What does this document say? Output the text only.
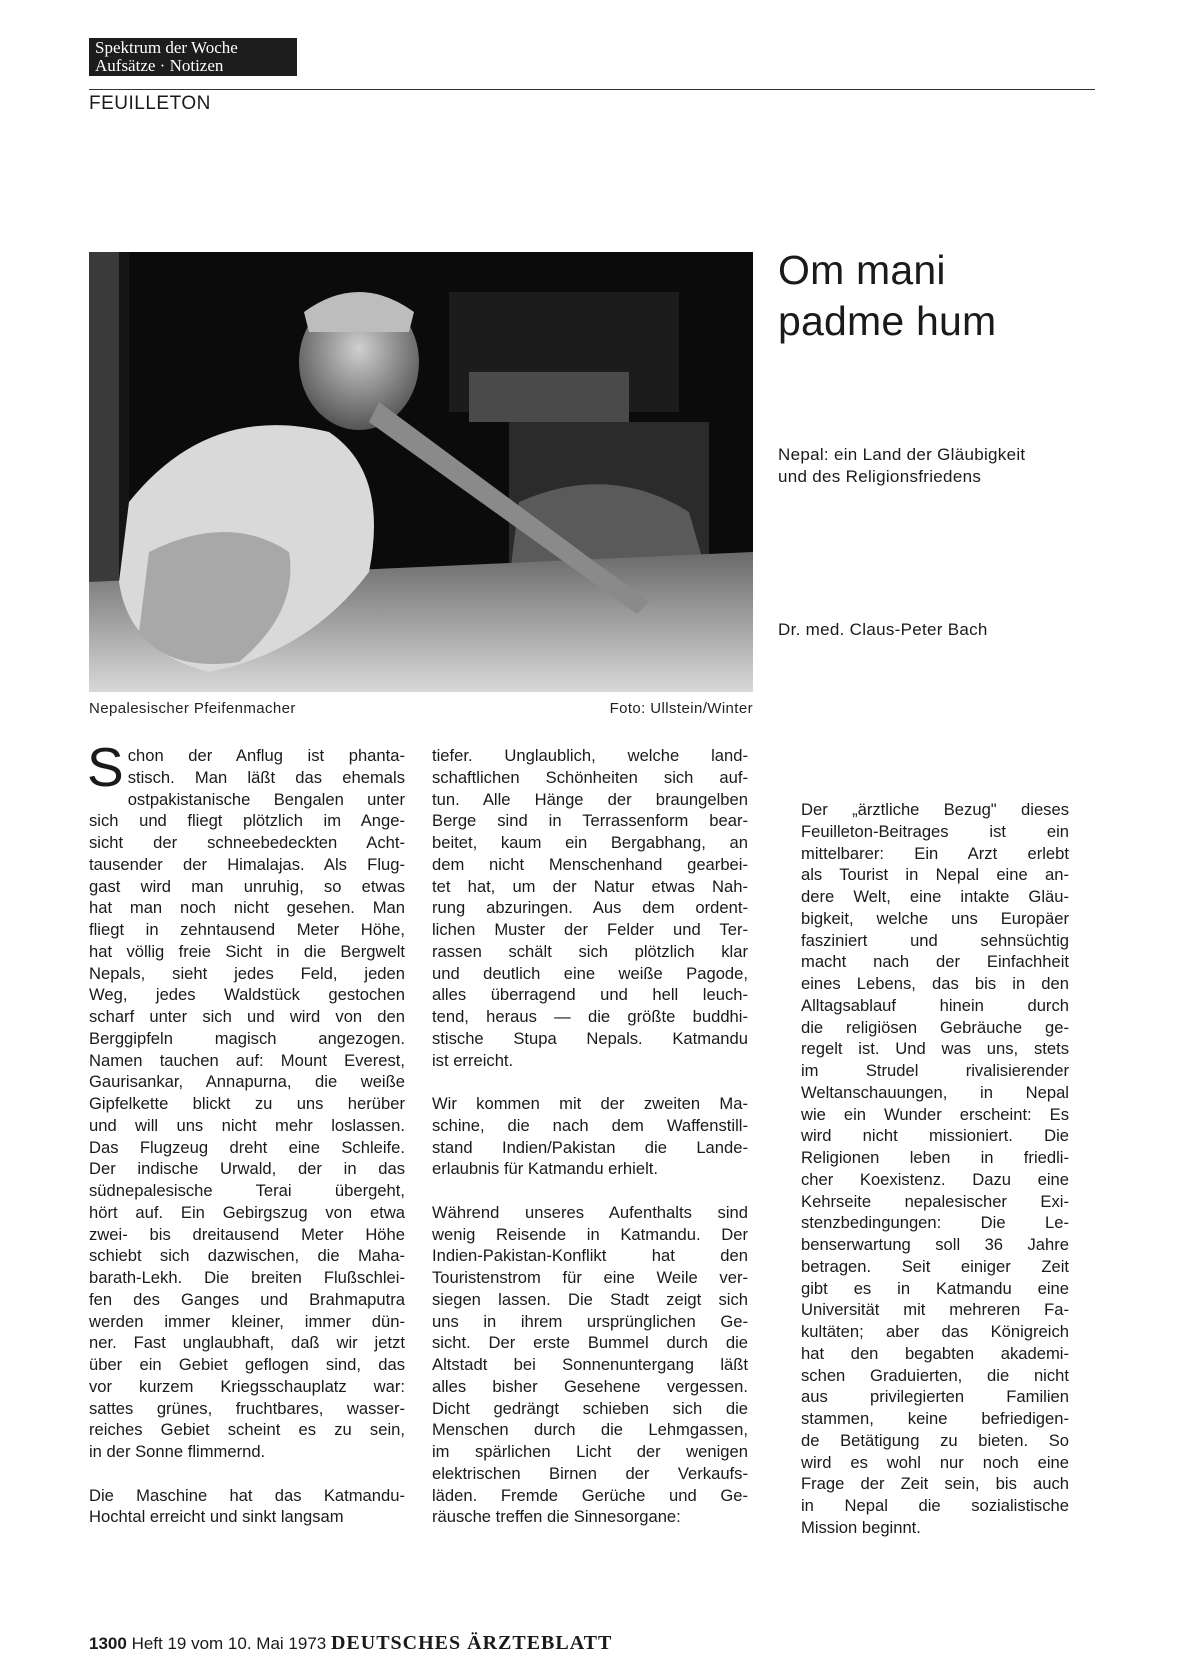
Spektrum der Woche
Aufsätze · Notizen
FEUILLETON
Nepalesischer Pfeifenmacher	Foto: Ullstein/Winter
Om mani
padme hum
Nepal: ein Land der Gläubigkeit
und des Religionsfriedens
Dr. med. Claus-Peter Bach
S chon der Anflug ist phanta-
stisch. Man läßt das ehemals
ostpakistanische Bengalen unter
sich und fliegt plötzlich im Ange-
sicht der schneebedeckten Acht-
tausender der Himalajas. Als Flug-
gast wird man unruhig, so etwas
hat man noch nicht gesehen. Man
fliegt in zehntausend Meter Höhe,
hat völlig freie Sicht in die Bergwelt
Nepals, sieht jedes Feld, jeden
Weg, jedes Waldstück gestochen
scharf unter sich und wird von den
Berggipfeln magisch angezogen.
Namen tauchen auf: Mount Everest,
Gaurisankar, Annapurna, die weiße
Gipfelkette blickt zu uns herüber
und will uns nicht mehr loslassen.
Das Flugzeug dreht eine Schleife.
Der indische Urwald, der in das
südnepalesische Terai übergeht,
hört auf. Ein Gebirgszug von etwa
zwei- bis dreitausend Meter Höhe
schiebt sich dazwischen, die Maha-
barath-Lekh. Die breiten Flußschlei-
fen des Ganges und Brahmaputra
werden immer kleiner, immer dün-
ner. Fast unglaubhaft, daß wir jetzt
über ein Gebiet geflogen sind, das
vor kurzem Kriegsschauplatz war:
sattes grünes, fruchtbares, wasser-
reiches Gebiet scheint es zu sein,
in der Sonne flimmernd.
Die Maschine hat das Katmandu-
Hochtal erreicht und sinkt langsam
tiefer. Unglaublich, welche land-
schaftlichen Schönheiten sich auf-
tun. Alle Hänge der braungelben
Berge sind in Terrassenform bear-
beitet, kaum ein Bergabhang, an
dem nicht Menschenhand gearbei-
tet hat, um der Natur etwas Nah-
rung abzuringen. Aus dem ordent-
lichen Muster der Felder und Ter-
rassen schält sich plötzlich klar
und deutlich eine weiße Pagode,
alles überragend und hell leuch-
tend, heraus — die größte buddhi-
stische Stupa Nepals. Katmandu
ist erreicht.
Wir kommen mit der zweiten Ma-
schine, die nach dem Waffenstill-
stand Indien/Pakistan die Lande-
erlaubnis für Katmandu erhielt.
Während unseres Aufenthalts sind
wenig Reisende in Katmandu. Der
Indien-Pakistan-Konflikt hat den
Touristenstrom für eine Weile ver-
siegen lassen. Die Stadt zeigt sich
uns in ihrem ursprünglichen Ge-
sicht. Der erste Bummel durch die
Altstadt bei Sonnenuntergang läßt
alles bisher Gesehene vergessen.
Dicht gedrängt schieben sich die
Menschen durch die Lehmgassen,
im spärlichen Licht der wenigen
elektrischen Birnen der Verkaufs-
läden. Fremde Gerüche und Ge-
räusche treffen die Sinnesorgane:
Der „ärztliche Bezug" dieses
Feuilleton-Beitrages ist ein
mittelbarer: Ein Arzt erlebt
als Tourist in Nepal eine an-
dere Welt, eine intakte Gläu-
bigkeit, welche uns Europäer
fasziniert und sehnsüchtig
macht nach der Einfachheit
eines Lebens, das bis in den
Alltagsablauf hinein durch
die religiösen Gebräuche ge-
regelt ist. Und was uns, stets
im Strudel rivalisierender
Weltanschauungen, in Nepal
wie ein Wunder erscheint: Es
wird nicht missioniert. Die
Religionen leben in friedli-
cher Koexistenz. Dazu eine
Kehrseite nepalesischer Exi-
stenzbedingungen: Die Le-
benserwartung soll 36 Jahre
betragen. Seit einiger Zeit
gibt es in Katmandu eine
Universität mit mehreren Fa-
kultäten; aber das Königreich
hat den begabten akademi-
schen Graduierten, die nicht
aus privilegierten Familien
stammen, keine befriedigen-
de Betätigung zu bieten. So
wird es wohl nur noch eine
Frage der Zeit sein, bis auch
in Nepal die sozialistische
Mission beginnt.
1300 Heft 19 vom 10. Mai 1973 DEUTSCHES ÄRZTEBLATT
